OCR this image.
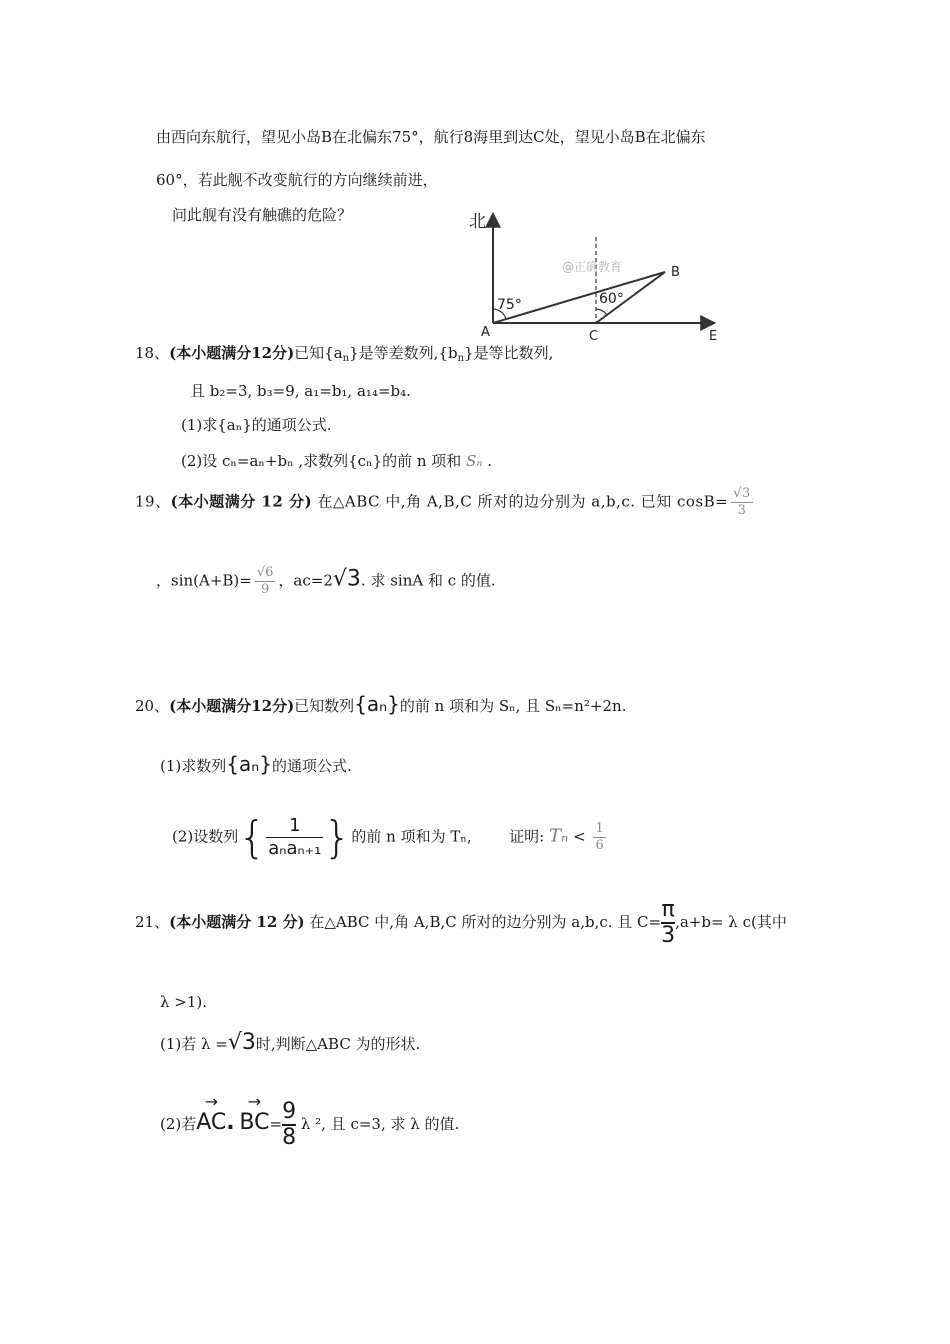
由西向东航行，望见小岛B在北偏东75°，航行8海里到达C处，望见小岛B在北偏东
60°，若此舰不改变航行的方向继续前进，
问此舰有没有触礁的危险？	北
75°	60°
@正确教育
A
B
C	E
18、(本小题满分12分)已知$\{a_n\}$是等差数列$,\{b_n\}$是等比数列,
且 b₂=3, b₃=9, a₁=b₁, a₁₄=b₄.
(1)求{aₙ}的通项公式.
(2)设 cₙ=aₙ+bₙ ,求数列{cₙ}的前 n 项和 Sₙ .
19、(本小题满分 12 分) 在△ABC 中,角 A,B,C 所对的边分别为 a,b,c. 已知 $\cos B= \frac{√3}{3}$
，$\sin(A+B)= \frac{√6}{9}$ ，ac=2√3. 求 sinA 和 c 的值.
20、(本小题满分12分)已知数列{aₙ}的前 n 项和为 Sₙ, 且 Sₙ=n²+2n.
(1)求数列{aₙ}的通项公式.
(2)设数列{ $\frac{1}{\text{aₙaₙ₊₁}}$ }的前 n 项和为 Tₙ,	证明: $T_n < \frac{1}{6}$
21、(本小题满分 12 分) 在△ABC 中,角 A,B,C 所对的边分别为 a,b,c. 且 $C= \frac{\pi}{3},a+b= \lambda$ c(其中
λ >1).
(1)若 λ =√3时,判断△ABC 为的形状.
(2)若
→
AC.
→
$BC= \frac{9}{8}$ λ ², 且 c=3, 求 λ 的值.
